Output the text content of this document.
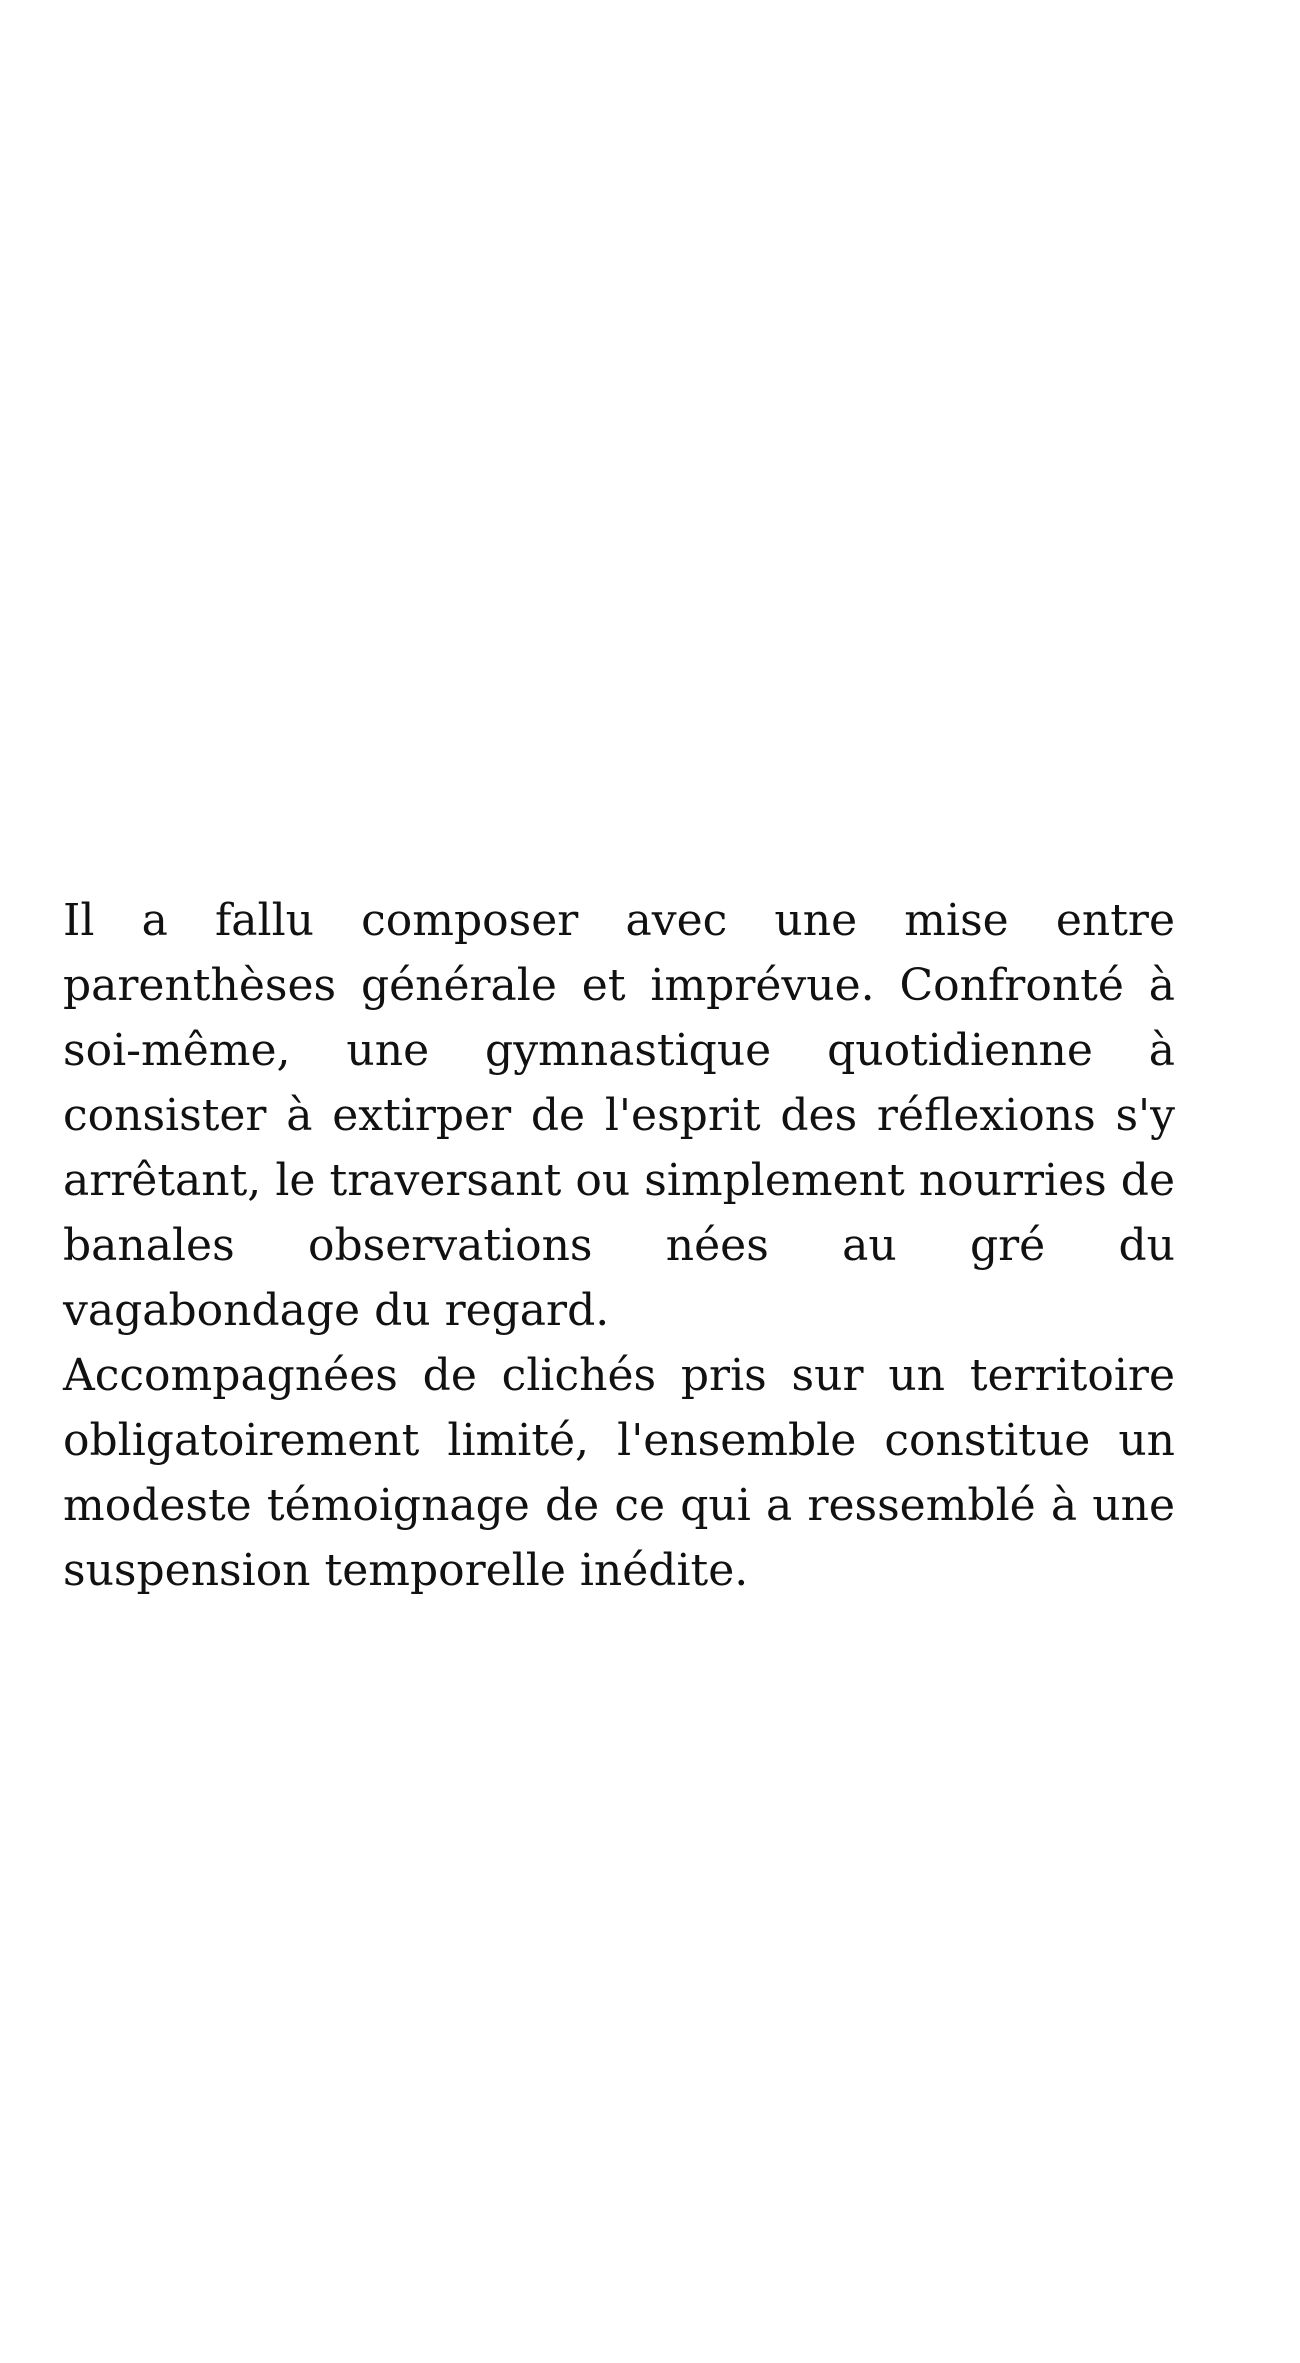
Il a fallu composer avec une mise entre parenthèses générale et imprévue. Confronté à soi-même, une gymnastique quotidienne à consister à extirper de l'esprit des réflexions s'y arrêtant, le traversant ou simplement nourries de banales observations nées au gré du vagabondage du regard.

Accompagnées de clichés pris sur un territoire obligatoirement limité, l'ensemble constitue un modeste témoignage de ce qui a ressemblé à une suspension temporelle inédite.
